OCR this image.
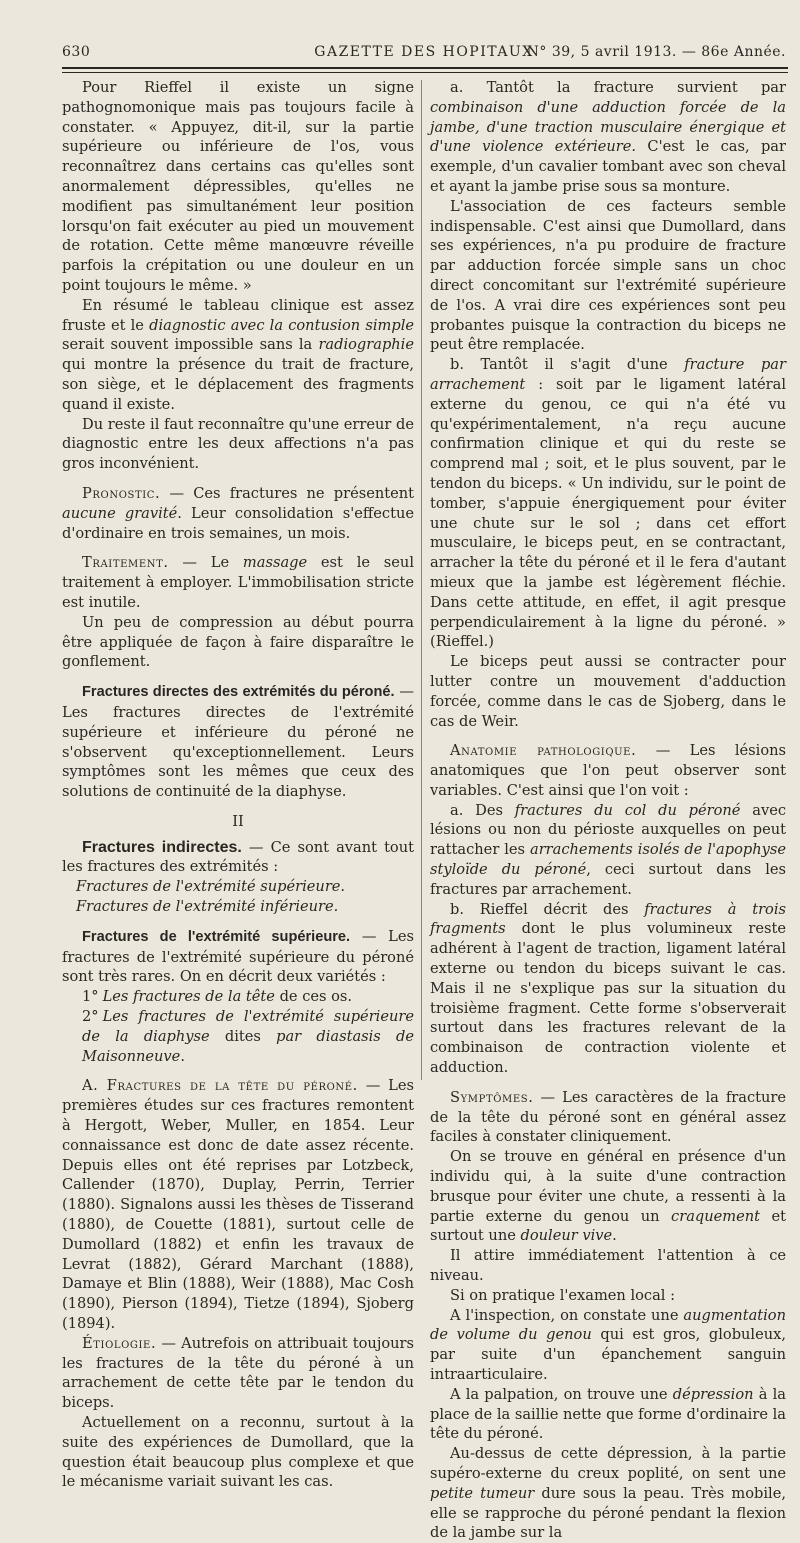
630	GAZETTE DES HOPITAUX
N° 39, 5 avril 1913. — 86e Année.

Pour Rieffel il existe un signe pathognomonique mais pas toujours facile à constater. « Appuyez, dit-il, sur la partie supérieure ou inférieure de l'os, vous reconnaîtrez dans certains cas qu'elles sont anormalement dépressibles, qu'elles ne modifient pas simultanément leur position lorsqu'on fait exécuter au pied un mouvement de rotation. Cette même manœuvre réveille parfois la crépitation ou une douleur en un point toujours le même. »

En résumé le tableau clinique est assez fruste et le diagnostic avec la contusion simple serait souvent impossible sans la radiographie qui montre la présence du trait de fracture, son siège, et le déplacement des fragments quand il existe.

Du reste il faut reconnaître qu'une erreur de diagnostic entre les deux affections n'a pas gros inconvénient.

Pronostic. — Ces fractures ne présentent aucune gravité. Leur consolidation s'effectue d'ordinaire en trois semaines, un mois.

Traitement. — Le massage est le seul traitement à employer. L'immobilisation stricte est inutile.

Un peu de compression au début pourra être appliquée de façon à faire disparaître le gonflement.

Fractures directes des extrémités du péroné. — Les fractures directes de l'extrémité supérieure et inférieure du péroné ne s'observent qu'exceptionnellement. Leurs symptômes sont les mêmes que ceux des solutions de continuité de la diaphyse.

II

Fractures indirectes. — Ce sont avant tout les fractures des extrémités :

Fractures de l'extrémité supérieure.

Fractures de l'extrémité inférieure.

Fractures de l'extrémité supérieure. — Les fractures de l'extrémité supérieure du péroné sont très rares. On en décrit deux variétés :

1° Les fractures de la tête de ces os.

2° Les fractures de l'extrémité supérieure de la diaphyse dites par diastasis de Maisonneuve.

A. Fractures de la tête du péroné. — Les premières études sur ces fractures remontent à Hergott, Weber, Muller, en 1854. Leur connaissance est donc de date assez récente. Depuis elles ont été reprises par Lotzbeck, Callender (1870), Duplay, Perrin, Terrier (1880). Signalons aussi les thèses de Tisserand (1880), de Couette (1881), surtout celle de Dumollard (1882) et enfin les travaux de Levrat (1882), Gérard Marchant (1888), Damaye et Blin (1888), Weir (1888), Mac Cosh (1890), Pierson (1894), Tietze (1894), Sjoberg (1894).

Étiologie. — Autrefois on attribuait toujours les fractures de la tête du péroné à un arrachement de cette tête par le tendon du biceps.

Actuellement on a reconnu, surtout à la suite des expériences de Dumollard, que la question était beaucoup plus complexe et que le mécanisme variait suivant les cas.

a. Tantôt la fracture survient par combinaison d'une adduction forcée de la jambe, d'une traction musculaire énergique et d'une violence extérieure. C'est le cas, par exemple, d'un cavalier tombant avec son cheval et ayant la jambe prise sous sa monture.

L'association de ces facteurs semble indispensable. C'est ainsi que Dumollard, dans ses expériences, n'a pu produire de fracture par adduction forcée simple sans un choc direct concomitant sur l'extrémité supérieure de l'os. A vrai dire ces expériences sont peu probantes puisque la contraction du biceps ne peut être remplacée.

b. Tantôt il s'agit d'une fracture par arrachement : soit par le ligament latéral externe du genou, ce qui n'a été vu qu'expérimentalement, n'a reçu aucune confirmation clinique et qui du reste se comprend mal ; soit, et le plus souvent, par le tendon du biceps. « Un individu, sur le point de tomber, s'appuie énergiquement pour éviter une chute sur le sol ; dans cet effort musculaire, le biceps peut, en se contractant, arracher la tête du péroné et il le fera d'autant mieux que la jambe est légèrement fléchie. Dans cette attitude, en effet, il agit presque perpendiculairement à la ligne du péroné. » (Rieffel.)

Le biceps peut aussi se contracter pour lutter contre un mouvement d'adduction forcée, comme dans le cas de Sjoberg, dans le cas de Weir.

Anatomie pathologique. — Les lésions anatomiques que l'on peut observer sont variables. C'est ainsi que l'on voit :

a. Des fractures du col du péroné avec lésions ou non du périoste auxquelles on peut rattacher les arrachements isolés de l'apophyse styloïde du péroné, ceci surtout dans les fractures par arrachement.

b. Rieffel décrit des fractures à trois fragments dont le plus volumineux reste adhérent à l'agent de traction, ligament latéral externe ou tendon du biceps suivant le cas. Mais il ne s'explique pas sur la situation du troisième fragment. Cette forme s'observerait surtout dans les fractures relevant de la combinaison de contraction violente et adduction.

Symptômes. — Les caractères de la fracture de la tête du péroné sont en général assez faciles à constater cliniquement.

On se trouve en général en présence d'un individu qui, à la suite d'une contraction brusque pour éviter une chute, a ressenti à la partie externe du genou un craquement et surtout une douleur vive.

Il attire immédiatement l'attention à ce niveau.

Si on pratique l'examen local :

A l'inspection, on constate une augmentation de volume du genou qui est gros, globuleux, par suite d'un épanchement sanguin intraarticulaire.

A la palpation, on trouve une dépression à la place de la saillie nette que forme d'ordinaire la tête du péroné.

Au-dessus de cette dépression, à la partie supéro-externe du creux poplité, on sent une petite tumeur dure sous la peau. Très mobile, elle se rapproche du péroné pendant la flexion de la jambe sur la
